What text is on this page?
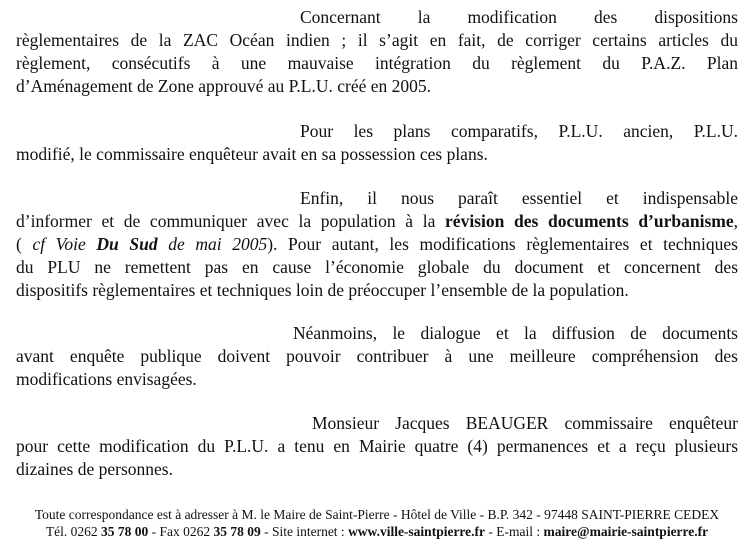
Concernant la modification des dispositions
règlementaires de la ZAC Océan indien ; il s’agit en fait, de corriger certains articles du
règlement, consécutifs à une mauvaise intégration du règlement du P.A.Z. Plan
d’Aménagement de Zone approuvé au P.L.U. créé en 2005.
Pour les plans comparatifs, P.L.U. ancien, P.L.U.
modifié, le commissaire enquêteur avait en sa possession ces plans.
Enfin, il nous paraît essentiel et indispensable
d’informer et de communiquer avec la population à la révision des documents d’urbanisme,
( cf Voie Du Sud de mai 2005). Pour autant, les modifications règlementaires et techniques
du PLU ne remettent pas en cause l’économie globale du document et concernent des
dispositifs règlementaires et techniques loin de préoccuper l’ensemble de la population.
Néanmoins, le dialogue et la diffusion de documents
avant enquête publique doivent pouvoir contribuer à une meilleure compréhension des
modifications envisagées.
Monsieur Jacques BEAUGER commissaire enquêteur
pour cette modification du P.L.U. a tenu en Mairie quatre (4) permanences et a reçu plusieurs
dizaines de personnes.
Toute correspondance est à adresser à M. le Maire de Saint-Pierre - Hôtel de Ville - B.P. 342 - 97448 SAINT-PIERRE CEDEX
Tél. 0262 35 78 00 - Fax 0262 35 78 09 - Site internet : www.ville-saintpierre.fr - E-mail : maire@mairie-saintpierre.fr
